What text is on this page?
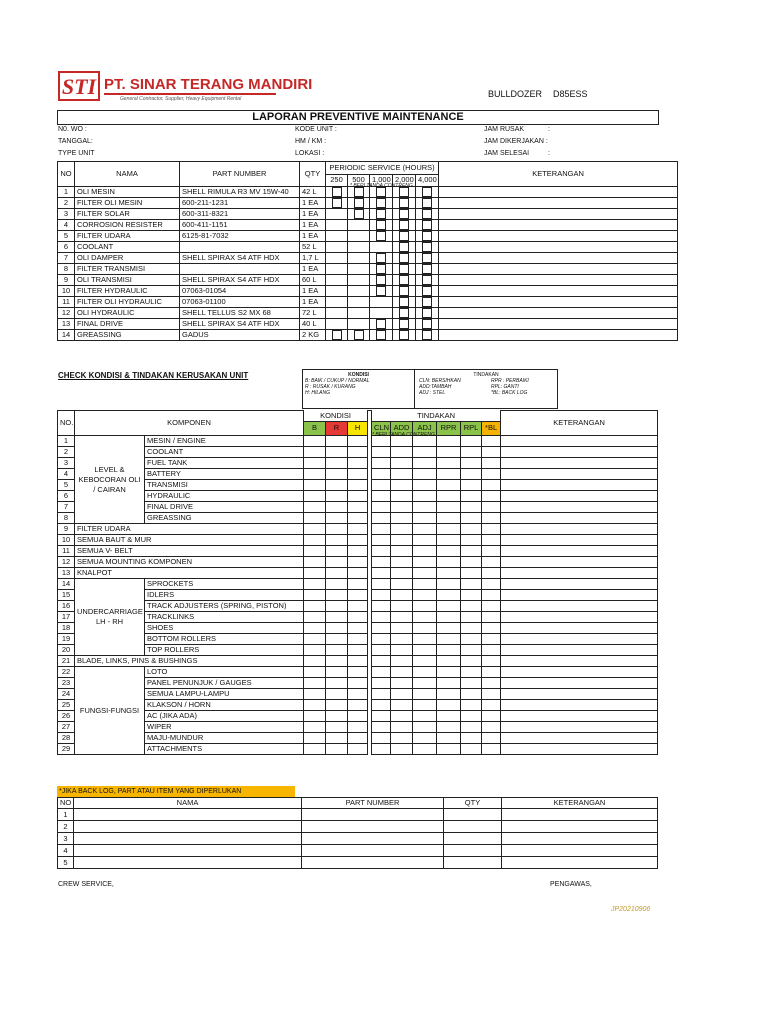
STI PT. SINAR TERANG MANDIRI
General Contractor, Supplier, Heavy Equipment Rental	BULLDOZER D85ESS
LAPORAN PREVENTIVE MAINTENANCE
N0. WO :
TANGGAL:
TYPE UNIT
KODE UNIT :
HM / KM :
LOKASI :
JAM RUSAK	:
JAM DIKERJAKAN :
JAM SELESAI	:
NO	NAMA	PART NUMBER	QTY	PERIODIC SERVICE (HOURS)					KETERANGAN
				250	500	1,000	2,000	4,000	
1	OLI MESIN	SHELL RIMULA R3 MV 15W-40	42 L						
2	FILTER OLI MESIN	600-211-1231	1 EA						
3	FILTER SOLAR	600-311-8321	1 EA						
4	CORROSION RESISTER	600-411-1151	1 EA						
5	FILTER UDARA	6125-81-7032	1 EA						
6	COOLANT		52 L						
7	OLI DAMPER	SHELL SPIRAX S4 ATF HDX	1,7 L						
8	FILTER TRANSMISI		1 EA						
9	OLI TRANSMISI	SHELL SPIRAX S4 ATF HDX	60 L						
10	FILTER HYDRAULIC	07063-01054	1 EA						
11	FILTER OLI HYDRAULIC	07063-01100	1 EA						
12	OLI HYDRAULIC	SHELL TELLUS S2 MX 68	72 L						
13	FINAL DRIVE	SHELL SPIRAX S4 ATF HDX	40 L						
14	GREASSING	GADUS	2 KG						
* BERI TANDA CONTRENG
CHECK KONDISI & TINDAKAN KERUSAKAN UNIT	KONDISI
B: BAIK / CUKUP / NORMAL
R : RUSAK / KURANG
H: HILANG
TINDAKAN
CLN: BERSIHKAN
ADD:TAMBAH
ADJ : STEL
RPR : PERBAIKI
RPL: GANTI
*BL: BACK LOG
NO.	KOMPONEN		KONDISI				TINDAKAN						KETERANGAN
			B	R	H		CLN	ADD	ADJ	RPR	RPL	*BL	
1	LEVEL & KEBOCORAN OLI / CAIRAN	MESIN / ENGINE											
2		COOLANT											
3		FUEL TANK											
4		BATTERY											
5		TRANSMISI											
6		HYDRAULIC											
7		FINAL DRIVE											
8		GREASSING											
9	FILTER UDARA												
10	SEMUA BAUT & MUR												
11	SEMUA V- BELT												
12	SEMUA MOUNTING KOMPONEN												
13	KNALPOT												
14	UNDERCARRIAGE LH - RH	SPROCKETS											
15		IDLERS											
16		TRACK ADJUSTERS (SPRING, PISTON)											
17		TRACKLINKS											
18		SHOES											
19		BOTTOM ROLLERS											
20		TOP ROLLERS											
21	BLADE, LINKS, PINS & BUSHINGS												
22	FUNGSI-FUNGSI	LOTO											
23		PANEL PENUNJUK / GAUGES											
24		SEMUA LAMPU-LAMPU											
25		KLAKSON / HORN											
26		AC (JIKA ADA)											
27		WIPER											
28		MAJU-MUNDUR											
29		ATTACHMENTS											
* BERI TANDA CONTRENG
*JIKA BACK LOG, PART ATAU ITEM YANG DIPERLUKAN
NO	NAMA	PART NUMBER	QTY	KETERANGAN
1				
2				
3				
4				
5				
CREW SERVICE,	PENGAWAS,
JP20210906
